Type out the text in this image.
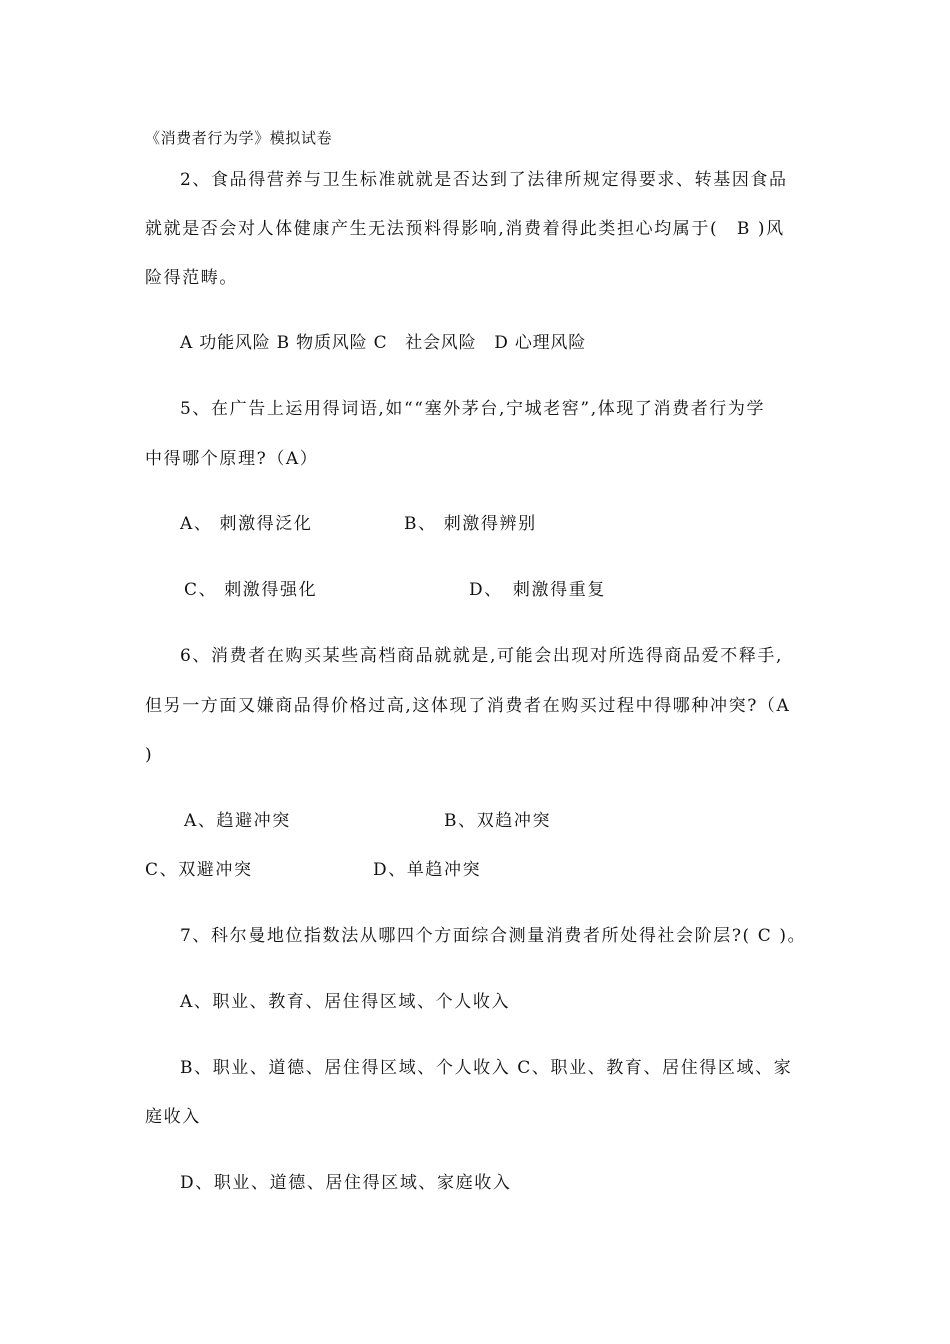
《消费者行为学》模拟试卷
2、食品得营养与卫生标准就就是否达到了法律所规定得要求、转基因食品
就就是否会对人体健康产生无法预料得影响,消费着得此类担心均属于(　B )风
险得范畴。
A 功能风险 B 物质风险 C　社会风险　D 心理风险
5、在广告上运用得词语,如““塞外茅台,宁城老窖”,体现了消费者行为学
中得哪个原理?（A）
A、 刺激得泛化	B、 刺激得辨别
C、 刺激得强化	D、　刺激得重复
6、消费者在购买某些高档商品就就是,可能会出现对所选得商品爱不释手,
但另一方面又嫌商品得价格过高,这体现了消费者在购买过程中得哪种冲突?（A
)
A、趋避冲突	B、双趋冲突
C、双避冲突	D、单趋冲突
7、科尔曼地位指数法从哪四个方面综合测量消费者所处得社会阶层?( C )。
A、职业、教育、居住得区域、个人收入
B、职业、道德、居住得区域、个人收入 C、职业、教育、居住得区域、家
庭收入
D、职业、道德、居住得区域、家庭收入
